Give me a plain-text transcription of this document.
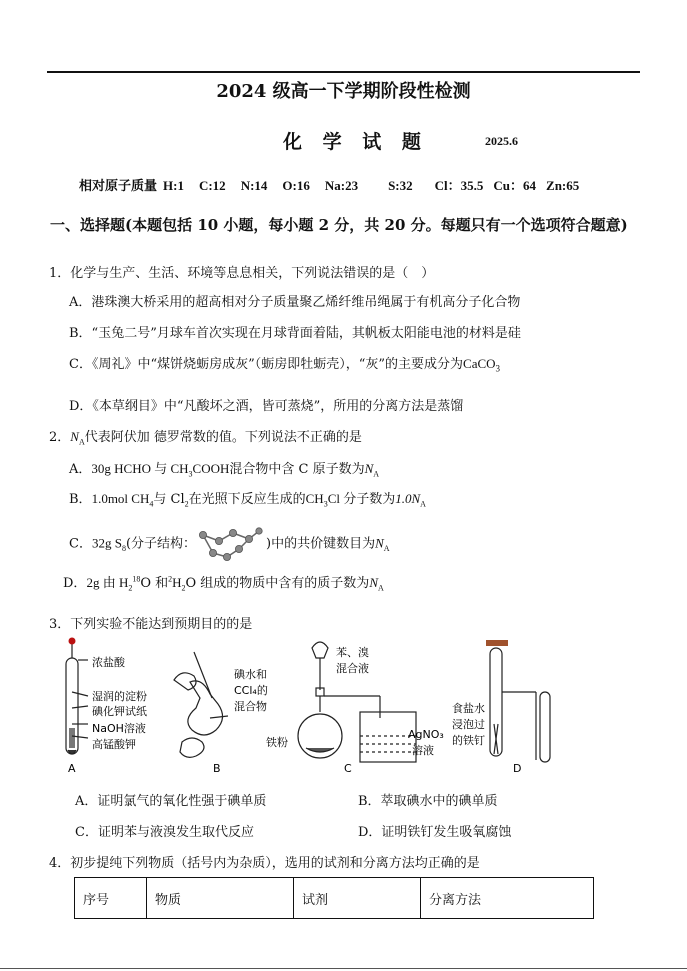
2024 级高一下学期阶段性检测
化 学 试 题	2025.6
相对原子质量 H:1 C:12 N:14 O:16 Na:23 S:32 Cl：35.5 Cu：64 Zn:65
一、选择题(本题包括 10 小题，每小题 2 分，共 20 分。每题只有一个选项符合题意)
1．化学与生产、生活、环境等息息相关，下列说法错误的是（　）
A．港珠澳大桥采用的超高相对分子质量聚乙烯纤维吊绳属于有机高分子化合物
B．“玉兔二号”月球车首次实现在月球背面着陆，其帆板太阳能电池的材料是硅
C．《周礼》中“煤饼烧蛎房成灰”（蛎房即牡蛎壳），“灰”的主要成分为CaCO$_3$
D．《本草纲目》中“凡酸坏之酒，皆可蒸烧”，所用的分离方法是蒸馏
2．$N_A$代表阿伏加 德罗常数的值。下列说法不正确的是
A．30g HCHO 与 $CH_3COOH$混合物中含 C 原子数为$N_A$
B．1.0mol $CH_4$与 $Cl_2$在光照下反应生成的$CH_3Cl$ 分子数为$1.0N_A$
C．32g $S_8$(分子结构：	)中的共价键数目为$N_A$
D．2g 由 $H_2^{18}O$ 和$^2H_2O$ 组成的物质中含有的质子数为$N_A$
3．下列实验不能达到预期目的的是
浓盐酸
湿润的淀粉
碘化钾试纸
NaOH溶液
高锰酸钾
碘水和
CCl₄的
混合物
苯、溴
混合液
铁粉
AgNO₃
溶液
食盐水
浸泡过
的铁钉
A	B	C	D
A．证明氯气的氧化性强于碘单质	B．萃取碘水中的碘单质
C．证明苯与液溴发生取代反应	D．证明铁钉发生吸氧腐蚀
4．初步提纯下列物质（括号内为杂质），选用的试剂和分离方法均正确的是
序号	物质	试剂	分离方法
